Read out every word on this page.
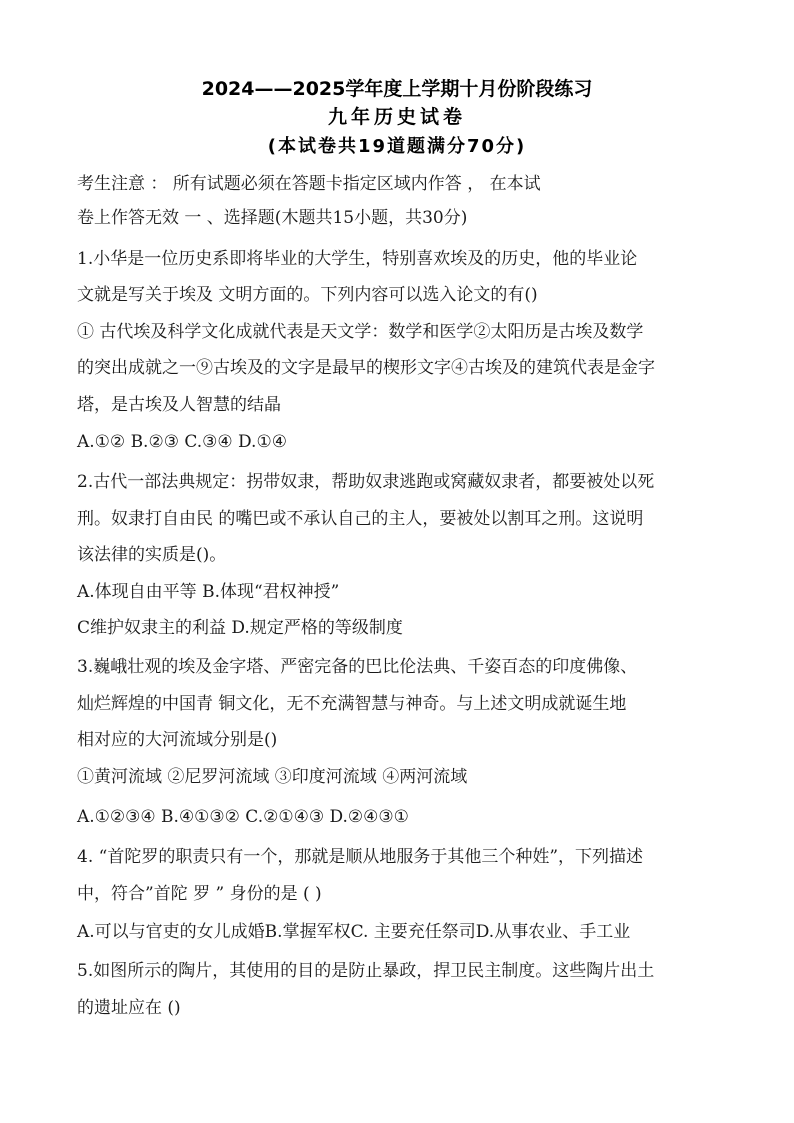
2024——2025学年度上学期十月份阶段练习
九年历史试卷
(本试卷共19道题满分70分)
考生注意 ： 所有试题必须在答题卡指定区域内作答 ， 在本试
卷上作答无效 一 、选择题(木题共15小题，共30分)
1.小华是一位历史系即将毕业的大学生，特别喜欢埃及的历史，他的毕业论
文就是写关于埃及 文明方面的。下列内容可以选入论文的有()
① 古代埃及科学文化成就代表是天文学：数学和医学②太阳历是古埃及数学
的突出成就之一⑨古埃及的文字是最早的楔形文字④古埃及的建筑代表是金字
塔，是古埃及人智慧的结晶
A.①② B.②③ C.③④ D.①④
2.古代一部法典规定：拐带奴隶，帮助奴隶逃跑或窝藏奴隶者，都要被处以死
刑。奴隶打自由民 的嘴巴或不承认自己的主人，要被处以割耳之刑。这说明
该法律的实质是()。
A.体现自由平等 B.体现“君权神授”
C维护奴隶主的利益 D.规定严格的等级制度
3.巍峨壮观的埃及金字塔、严密完备的巴比伦法典、千姿百态的印度佛像、
灿烂辉煌的中国青 铜文化，无不充满智慧与神奇。与上述文明成就诞生地
相对应的大河流域分别是()
①黄河流域 ②尼罗河流域 ③印度河流域 ④两河流域
A.①②③④ B.④①③② C.②①④③ D.②④③①
4. “首陀罗的职责只有一个，那就是顺从地服务于其他三个种姓”，下列描述
中，符合”首陀 罗 ” 身份的是 ( )
A.可以与官吏的女儿成婚B.掌握军权C. 主要充任祭司D.从事农业、手工业
5.如图所示的陶片，其使用的目的是防止暴政，捍卫民主制度。这些陶片出土
的遗址应在 ()
